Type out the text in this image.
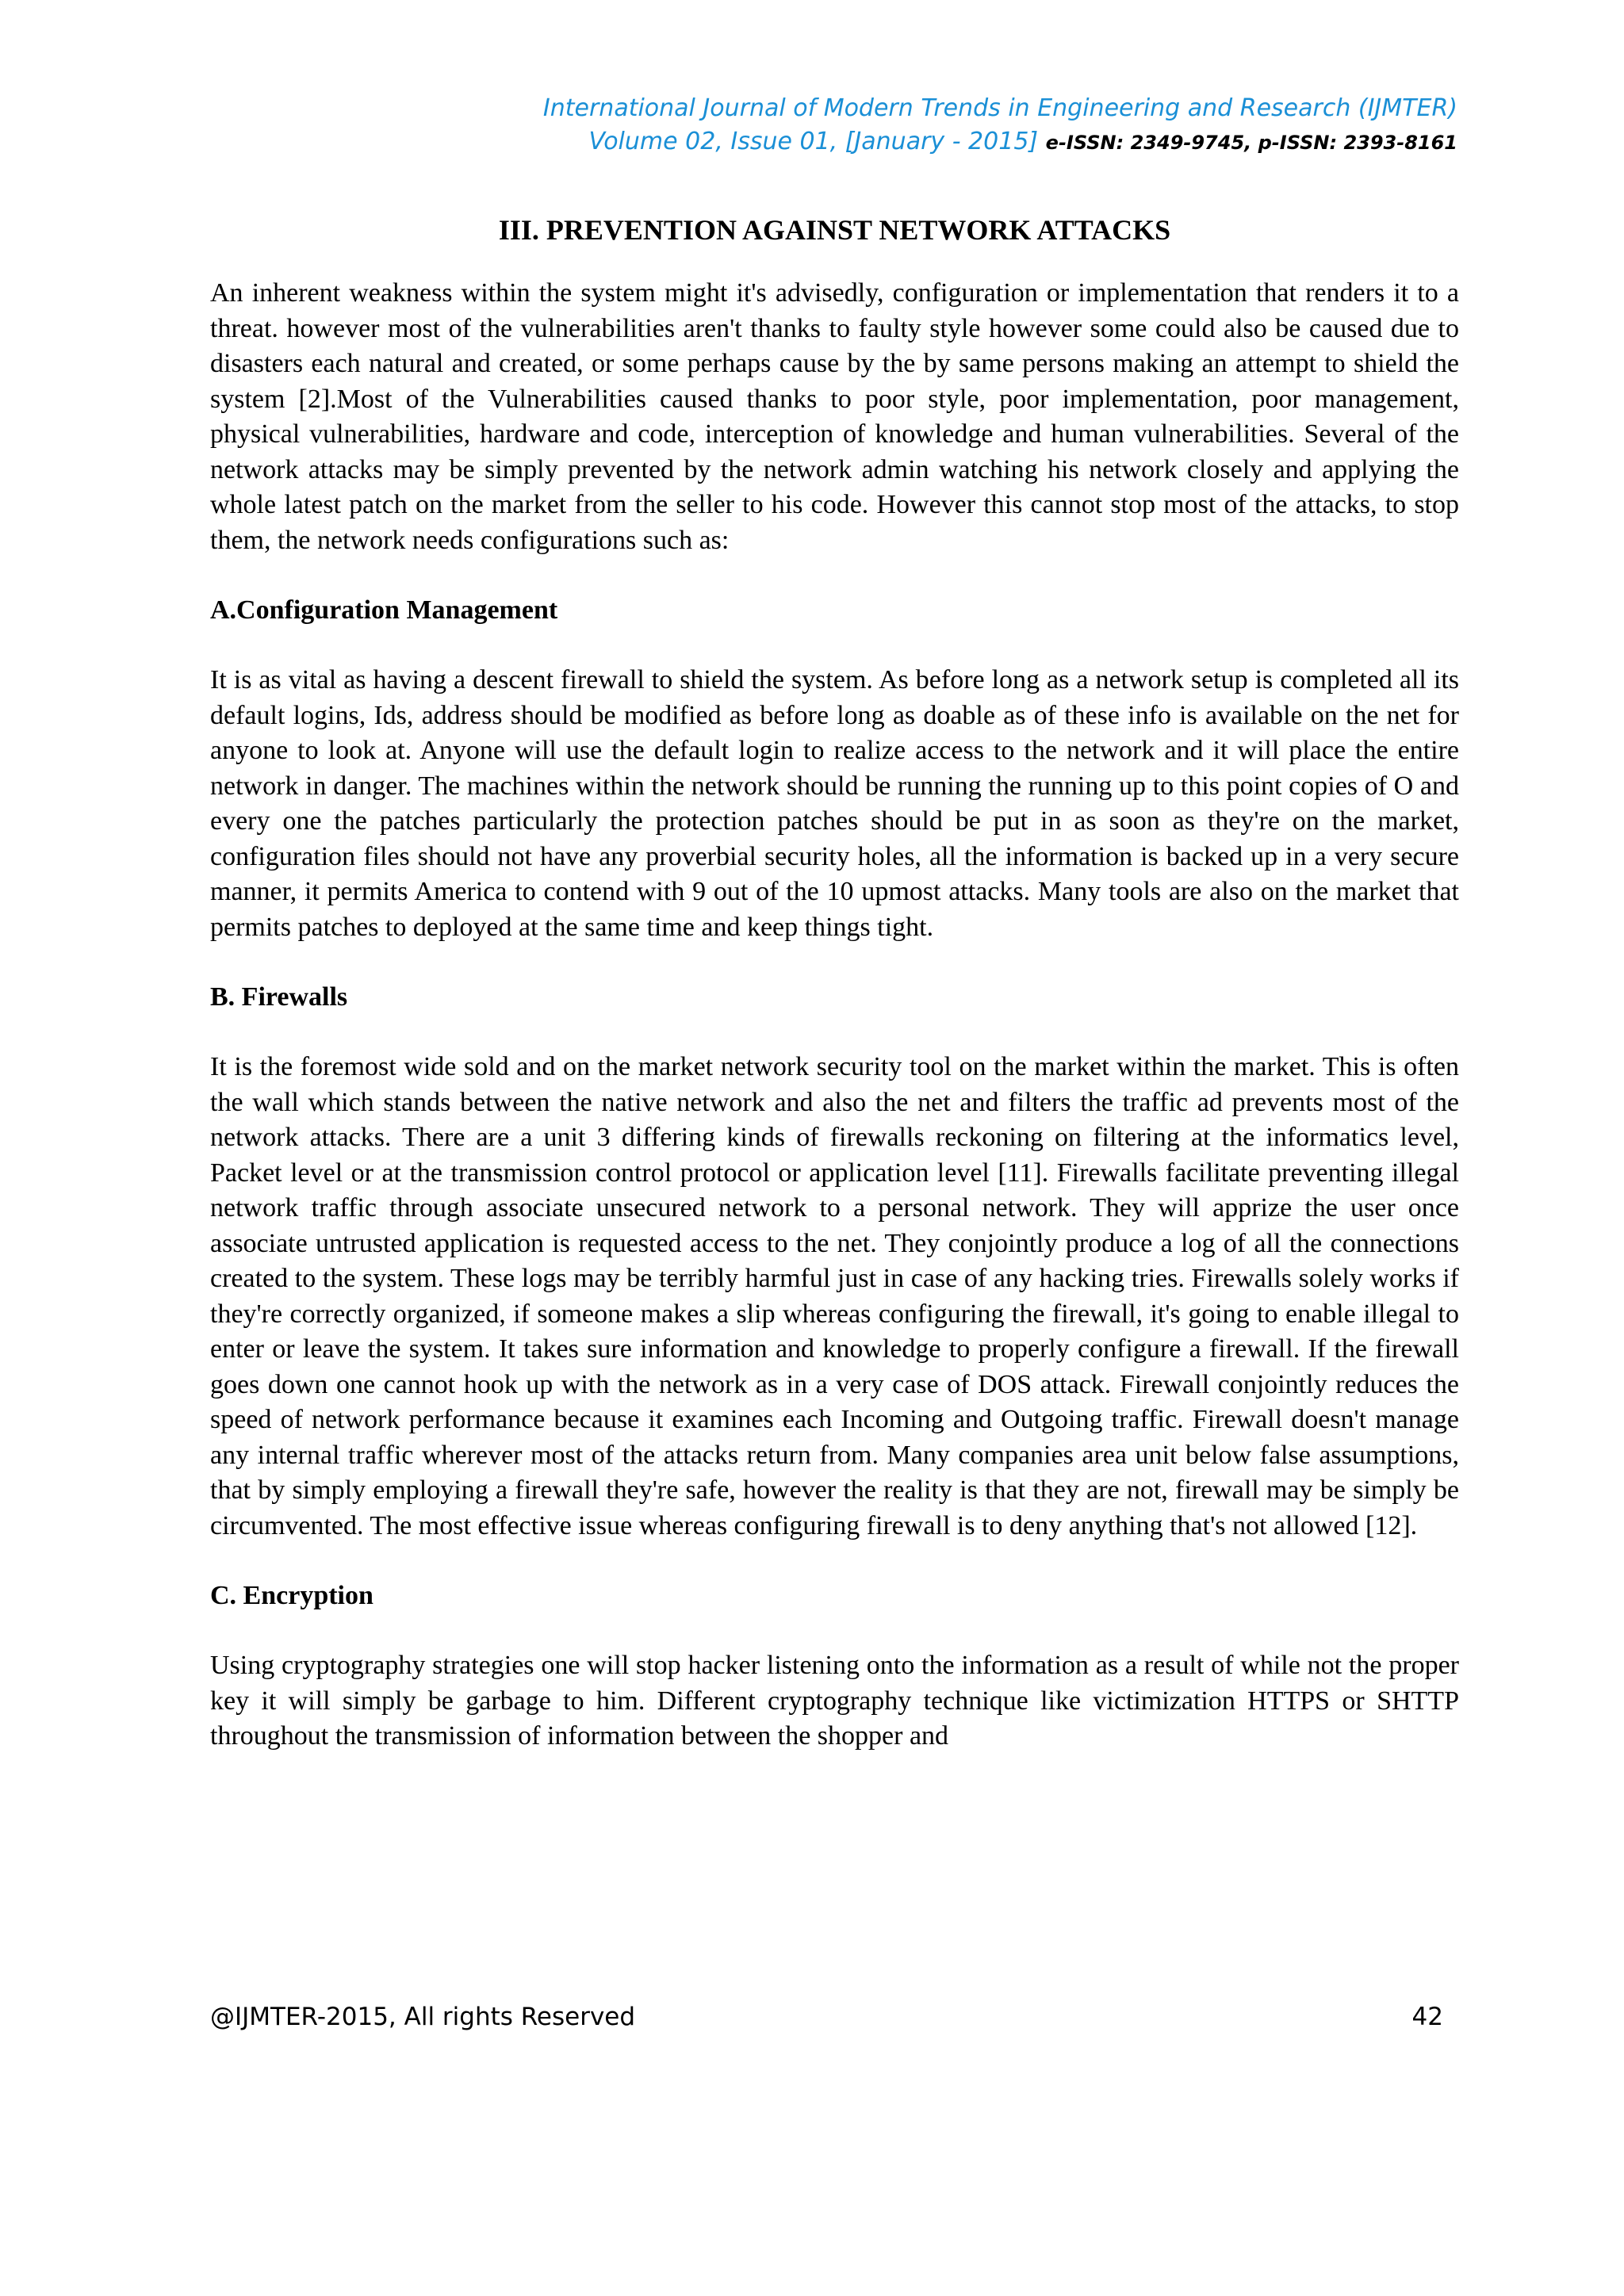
International Journal of Modern Trends in Engineering and Research (IJMTER)
Volume 02, Issue 01, [January - 2015] e-ISSN: 2349-9745, p-ISSN: 2393-8161
III. PREVENTION AGAINST NETWORK ATTACKS

An inherent weakness within the system might it's advisedly, configuration or implementation that renders it to a threat. however most of the vulnerabilities aren't thanks to faulty style however some could also be caused due to disasters each natural and created, or some perhaps cause by the by same persons making an attempt to shield the system [2].Most of the Vulnerabilities caused thanks to poor style, poor implementation, poor management, physical vulnerabilities, hardware and code, interception of knowledge and human vulnerabilities. Several of the network attacks may be simply prevented by the network admin watching his network closely and applying the whole latest patch on the market from the seller to his code. However this cannot stop most of the attacks, to stop them, the network needs configurations such as:

A.Configuration Management

It is as vital as having a descent firewall to shield the system. As before long as a network setup is completed all its default logins, Ids, address should be modified as before long as doable as of these info is available on the net for anyone to look at. Anyone will use the default login to realize access to the network and it will place the entire network in danger. The machines within the network should be running the running up to this point copies of O and every one the patches particularly the protection patches should be put in as soon as they're on the market, configuration files should not have any proverbial security holes, all the information is backed up in a very secure manner, it permits America to contend with 9 out of the 10 upmost attacks. Many tools are also on the market that permits patches to deployed at the same time and keep things tight.

B. Firewalls

It is the foremost wide sold and on the market network security tool on the market within the market. This is often the wall which stands between the native network and also the net and filters the traffic ad prevents most of the network attacks. There are a unit 3 differing kinds of firewalls reckoning on filtering at the informatics level, Packet level or at the transmission control protocol or application level [11]. Firewalls facilitate preventing illegal network traffic through associate unsecured network to a personal network. They will apprize the user once associate untrusted application is requested access to the net. They conjointly produce a log of all the connections created to the system. These logs may be terribly harmful just in case of any hacking tries. Firewalls solely works if they're correctly organized, if someone makes a slip whereas configuring the firewall, it's going to enable illegal to enter or leave the system. It takes sure information and knowledge to properly configure a firewall. If the firewall goes down one cannot hook up with the network as in a very case of DOS attack. Firewall conjointly reduces the speed of network performance because it examines each Incoming and Outgoing traffic. Firewall doesn't manage any internal traffic wherever most of the attacks return from. Many companies area unit below false assumptions, that by simply employing a firewall they're safe, however the reality is that they are not, firewall may be simply be circumvented. The most effective issue whereas configuring firewall is to deny anything that's not allowed [12].

C. Encryption

Using cryptography strategies one will stop hacker listening onto the information as a result of while not the proper key it will simply be garbage to him. Different cryptography technique like victimization HTTPS or SHTTP throughout the transmission of information between the shopper and

@IJMTER-2015, All rights Reserved	42
